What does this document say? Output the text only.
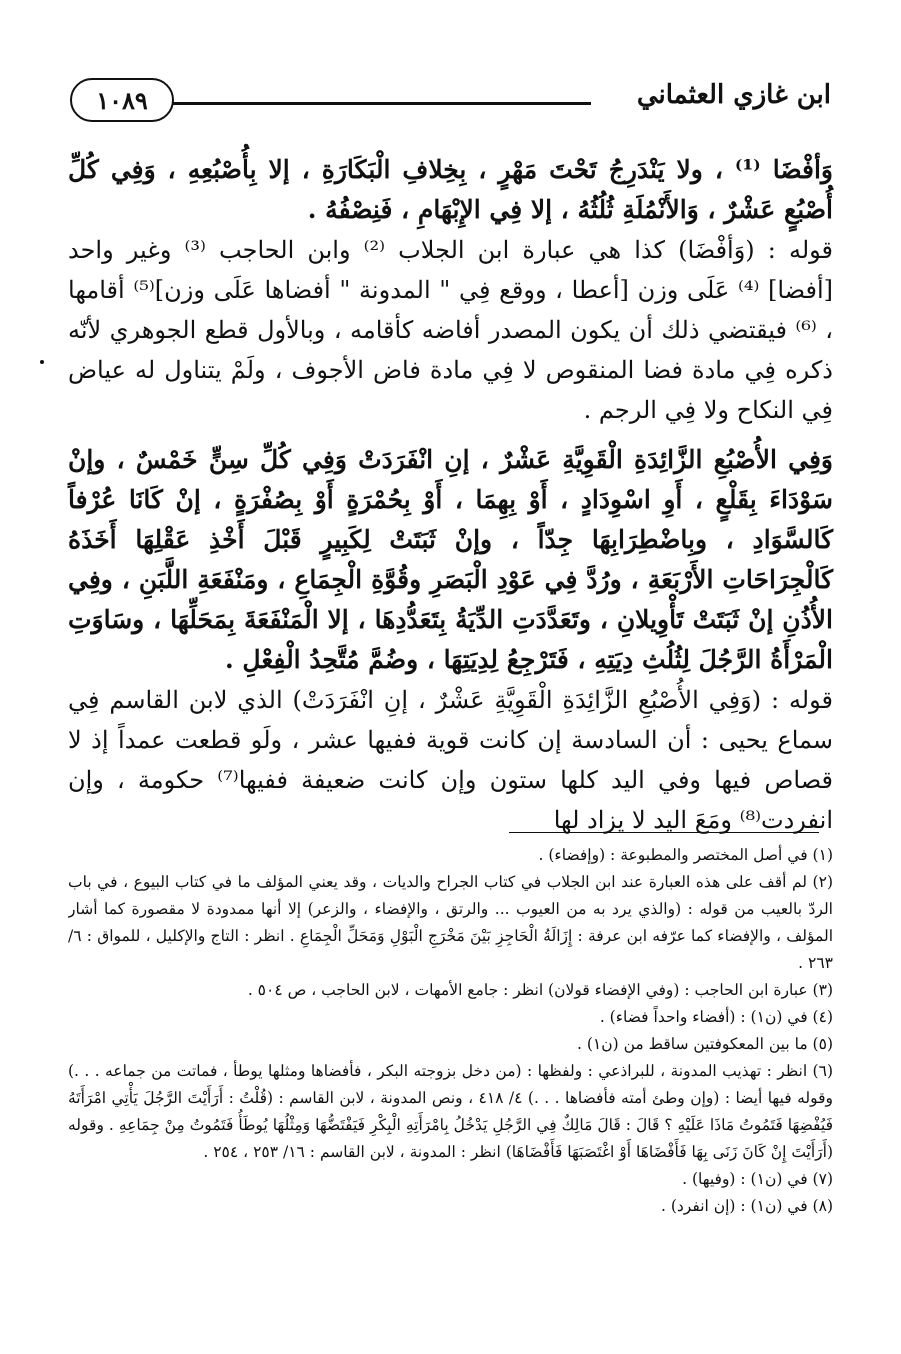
ابن غازي العثماني
١٠٨٩

وَأفْضَا ⁽¹⁾ ، ولا يَنْدَرِجُ تَحْتَ مَهْرٍ ، بِخِلافِ الْبَكَارَةِ ، إلا بِأُصْبُعِهِ ، وَفِي كُلِّ أُصْبُعٍ عَشْرٌ ، وَالأَنْمُلَةِ ثُلُثُهُ ، إلا فِي الإِبْهَامِ ، فَنِصْفُهُ .

قوله : (وَأفْضَا) كذا هي عبارة ابن الجلاب ⁽²⁾ وابن الحاجب ⁽³⁾ وغير واحد [أفضا] ⁽⁴⁾ عَلَى وزن [أعطا ، ووقع فِي " المدونة " أفضاها عَلَى وزن]⁽⁵⁾ أقامها ، ⁽⁶⁾ فيقتضي ذلك أن يكون المصدر أفاضه كأقامه ، وبالأول قطع الجوهري لأنّه ذكره فِي مادة فضا المنقوص لا فِي مادة فاض الأجوف ، ولَمْ يتناول له عياض فِي النكاح ولا فِي الرجم .

وَفِي الأُصْبُعِ الزَّائِدَةِ الْقَوِيَّةِ عَشْرٌ ، إنِ انْفَرَدَتْ وَفِي كُلِّ سِنٍّ خَمْسٌ ، وإنْ سَوْدَاءَ بِقَلْعٍ ، أَوِ اسْوِدَادٍ ، أَوْ بِهِمَا ، أَوْ بِحُمْرَةٍ أَوْ بِصُفْرَةٍ ، إنْ كَانَا عُرْفاً كَالسَّوَادِ ، وبِاضْطِرَابِهَا جِدّاً ، وإنْ ثَبَتَتْ لِكَبِيرٍ قَبْلَ أَخْذِ عَقْلِهَا أَخَذَهُ كَالْجِرَاحَاتِ الأَرْبَعَةِ ، ورُدَّ فِي عَوْدِ الْبَصَرِ وقُوَّةِ الْجِمَاعِ ، ومَنْفَعَةِ اللَّبَنِ ، وفِي الأُذُنِ إنْ ثَبَتَتْ تَأْوِيلانِ ، وتَعَدَّدَتِ الدِّيَةُ بِتَعَدُّدِهَا ، إلا الْمَنْفَعَةَ بِمَحَلِّهَا ، وسَاوَتِ الْمَرْأَةُ الرَّجُلَ لِثُلُثِ دِيَتِهِ ، فَتَرْجِعُ لِدِيَتِهَا ، وضُمَّ مُتَّحِدُ الْفِعْلِ .

قوله : (وَفِي الأُصْبُعِ الزَّائِدَةِ الْقَوِيَّةِ عَشْرٌ ، إنِ انْفَرَدَتْ) الذي لابن القاسم فِي سماع يحيى : أن السادسة إن كانت قوية ففيها عشر ، ولَو قطعت عمداً إذ لا قصاص فيها وفي اليد كلها ستون وإن كانت ضعيفة ففيها⁽⁷⁾ حكومة ، وإن انفردت⁽⁸⁾ ومَعَ اليد لا يزاد لها

(١) في أصل المختصر والمطبوعة : (وإفضاء) .

(٢) لم أقف على هذه العبارة عند ابن الجلاب في كتاب الجراح والديات ، وقد يعني المؤلف ما في كتاب البيوع ، في باب الردّ بالعيب من قوله : (والذي يرد به من العيوب ... والرتق ، والإفضاء ، والزعر) إلا أنها ممدودة لا مقصورة كما أشار المؤلف ، والإفضاء كما عرّفه ابن عرفة : إِزَالَةُ الْحَاجِزِ بَيْنَ مَخْرَجِ الْبَوْلِ وَمَحَلِّ الْجِمَاعِ . انظر : التاج والإكليل ، للمواق : ٦/ ٢٦٣ .

(٣) عبارة ابن الحاجب : (وفي الإفضاء قولان) انظر : جامع الأمهات ، لابن الحاجب ، ص ٥٠٤ .

(٤) في (ن١) : (أفضاء واحداً فضاء) .

(٥) ما بين المعكوفتين ساقط من (ن١) .

(٦) انظر : تهذيب المدونة ، للبراذعي : ولفظها : (من دخل بزوجته البكر ، فأفضاها ومثلها يوطأ ، فماتت من جماعه . . .) وقوله فيها أيضا : (وإن وطئ أمته فأفضاها . . .) ٤/ ٤١٨ ، ونص المدونة ، لابن القاسم : (قُلْتُ : أَرَأَيْتَ الرَّجُلَ يَأْتِي امْرَأَتَهُ فَيُفْضِهَا فَتَمُوتُ مَاذَا عَلَيْهِ ؟ قَالَ : قَالَ مَالِكٌ فِي الرَّجُلِ يَدْخُلُ بِامْرَأَتِهِ الْبِكْرِ فَيَفْتَضُّهَا وَمِثْلُهَا يُوطَأُ فَتَمُوتُ مِنْ جِمَاعِهِ . وقوله (أَرَأَيْتَ إِنْ كَانَ زَنَى بِهَا فَأَفْضَاهَا أَوْ اغْتَصَبَهَا فَأَفْضَاهَا) انظر : المدونة ، لابن القاسم : ١٦/ ٢٥٣ ، ٢٥٤ .

(٧) في (ن١) : (وفيها) .

(٨) في (ن١) : (إن انفرد) .
